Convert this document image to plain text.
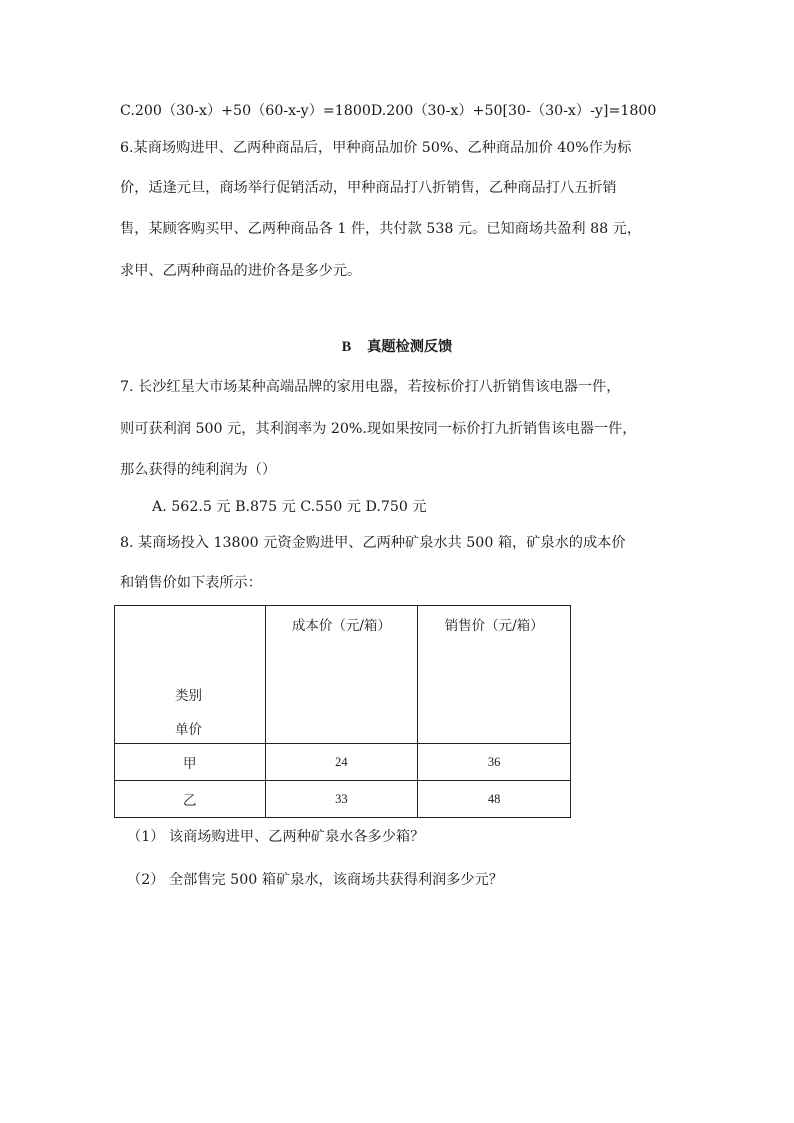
C.200（30-x）+50（60-x-y）=1800D.200（30-x）+50[30-（30-x）-y]=1800
6.某商场购进甲、乙两种商品后，甲种商品加价 50%、乙种商品加价 40%作为标
价，适逢元旦，商场举行促销活动，甲种商品打八折销售，乙种商品打八五折销
售，某顾客购买甲、乙两种商品各 1 件，共付款 538 元。已知商场共盈利 88 元，
求甲、乙两种商品的进价各是多少元。
B 真题检测反馈
7. 长沙红星大市场某种高端品牌的家用电器，若按标价打八折销售该电器一件，
则可获利润 500 元，其利润率为 20%.现如果按同一标价打九折销售该电器一件，
那么获得的纯利润为（）
A. 562.5 元 B.875 元 C.550 元 D.750 元
8. 某商场投入 13800 元资金购进甲、乙两种矿泉水共 500 箱，矿泉水的成本价
和销售价如下表所示：
类别
单价	成本价（元/箱）	销售价（元/箱）

甲	24	36
乙	33	48
（1） 该商场购进甲、乙两种矿泉水各多少箱？
（2） 全部售完 500 箱矿泉水，该商场共获得利润多少元？
